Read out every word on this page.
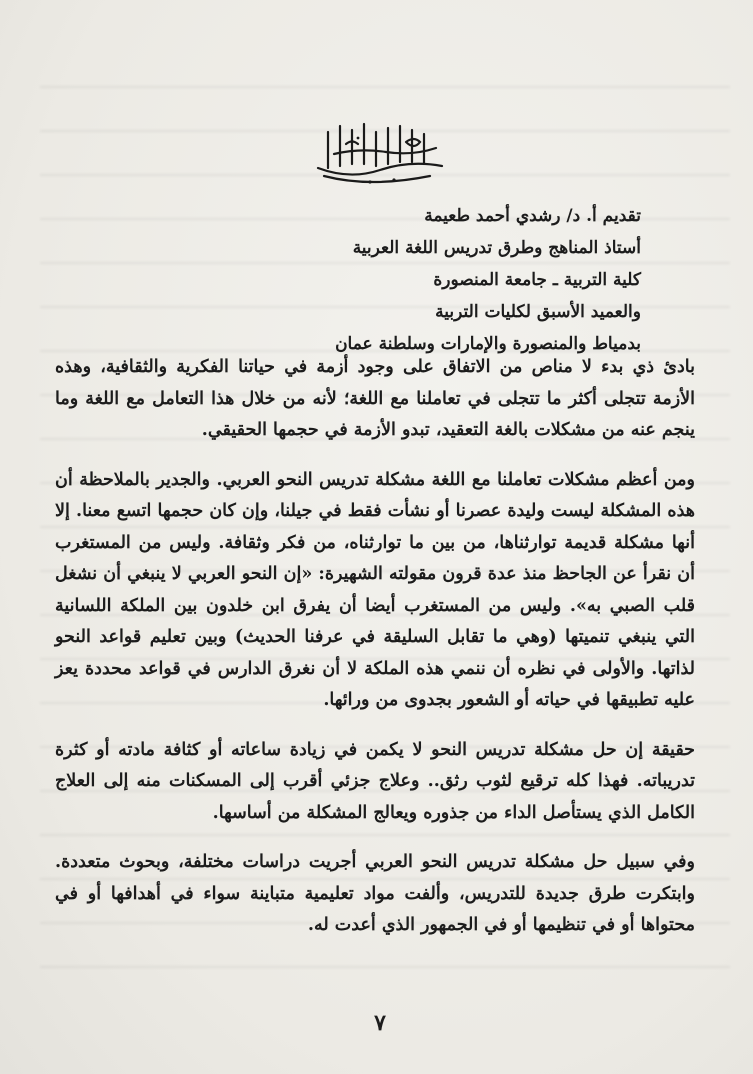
تقديم أ. د/ رشدي أحمد طعيمة
أستاذ المناهج وطرق تدريس اللغة العربية
كلية التربية ـ جامعة المنصورة
والعميد الأسبق لكليات التربية
بدمياط والمنصورة والإمارات وسلطنة عمان

بادئ ذي بدء لا مناص من الاتفاق على وجود أزمة في حياتنا الفكرية والثقافية، وهذه الأزمة تتجلى أكثر ما تتجلى في تعاملنا مع اللغة؛ لأنه من خلال هذا التعامل مع اللغة وما ينجم عنه من مشكلات بالغة التعقيد، تبدو الأزمة في حجمها الحقيقي.

ومن أعظم مشكلات تعاملنا مع اللغة مشكلة تدريس النحو العربي. والجدير بالملاحظة أن هذه المشكلة ليست وليدة عصرنا أو نشأت فقط في جيلنا، وإن كان حجمها اتسع معنا. إلا أنها مشكلة قديمة توارثناها، من بين ما توارثناه، من فكر وثقافة. وليس من المستغرب أن نقرأ عن الجاحظ منذ عدة قرون مقولته الشهيرة: «إن النحو العربي لا ينبغي أن نشغل قلب الصبي به». وليس من المستغرب أيضا أن يفرق ابن خلدون بين الملكة اللسانية التي ينبغي تنميتها (وهي ما تقابل السليقة في عرفنا الحديث) وبين تعليم قواعد النحو لذاتها. والأولى في نظره أن ننمي هذه الملكة لا أن نغرق الدارس في قواعد محددة يعز عليه تطبيقها في حياته أو الشعور بجدوى من ورائها.

حقيقة إن حل مشكلة تدريس النحو لا يكمن في زيادة ساعاته أو كثافة مادته أو كثرة تدريباته. فهذا كله ترقيع لثوب رثق.. وعلاج جزئي أقرب إلى المسكنات منه إلى العلاج الكامل الذي يستأصل الداء من جذوره ويعالج المشكلة من أساسها.

وفي سبيل حل مشكلة تدريس النحو العربي أجريت دراسات مختلفة، وبحوث متعددة. وابتكرت طرق جديدة للتدريس، وألفت مواد تعليمية متباينة سواء في أهدافها أو في محتواها أو في تنظيمها أو في الجمهور الذي أعدت له.

٧
